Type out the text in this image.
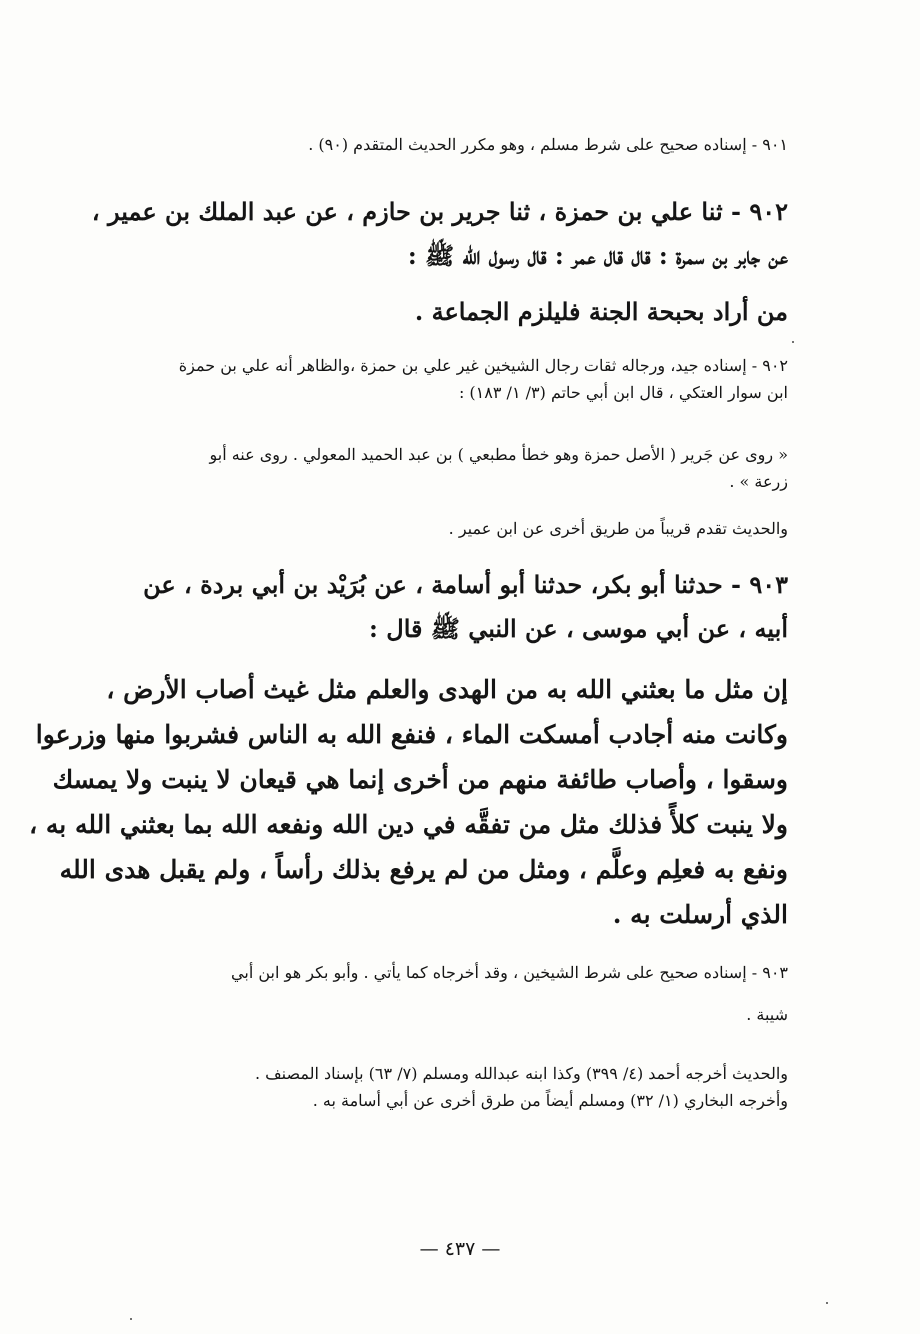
٩٠١ - إسناده صحيح على شرط مسلم ، وهو مكرر الحديث المتقدم (٩٠) .
٩٠٢ - ثنا علي بن حمزة ، ثنا جرير بن حازم ، عن عبد الملك بن عمير ،
عن جابر بن سمرة : قال قال عمر : قال رسول الله ﷺ :
من أراد بحبحة الجنة فليلزم الجماعة .
٩٠٢ - إسناده جيد، ورجاله ثقات رجال الشيخين غير علي بن حمزة ،والظاهر أنه علي بن حمزة
ابن سوار العتكي ، قال ابن أبي حاتم (٣/ ١/ ١٨٣) :
« روى عن جَرير ( الأصل حمزة وهو خطأ مطبعي ) بن عبد الحميد المعولي . روى عنه أبو
زرعة » .
والحديث تقدم قريباً من طريق أخرى عن ابن عمير .
٩٠٣ - حدثنا أبو بكر، حدثنا أبو أسامة ، عن بُرَيْد بن أبي بردة ، عن
أبيه ، عن أبي موسى ، عن النبي ﷺ قال :
إن مثل ما بعثني الله به من الهدى والعلم مثل غيث أصاب الأرض ،
وكانت منه أجادب أمسكت الماء ، فنفع الله به الناس فشربوا منها وزرعوا
وسقوا ، وأصاب طائفة منهم من أخرى إنما هي قيعان لا ينبت ولا يمسك
ولا ينبت كلأً فذلك مثل من تفقَّه في دين الله ونفعه الله بما بعثني الله به ،
ونفع به فعلِم وعلَّم ، ومثل من لم يرفع بذلك رأساً ، ولم يقبل هدى الله
الذي أرسلت به .
٩٠٣ - إسناده صحيح على شرط الشيخين ، وقد أخرجاه كما يأتي . وأبو بكر هو ابن أبي
شيبة .
والحديث أخرجه أحمد (٤/ ٣٩٩) وكذا ابنه عبدالله ومسلم (٧/ ٦٣) بإسناد المصنف .
وأخرجه البخاري (١/ ٣٢) ومسلم أيضاً من طرق أخرى عن أبي أسامة به .
— ٤٣٧ —
